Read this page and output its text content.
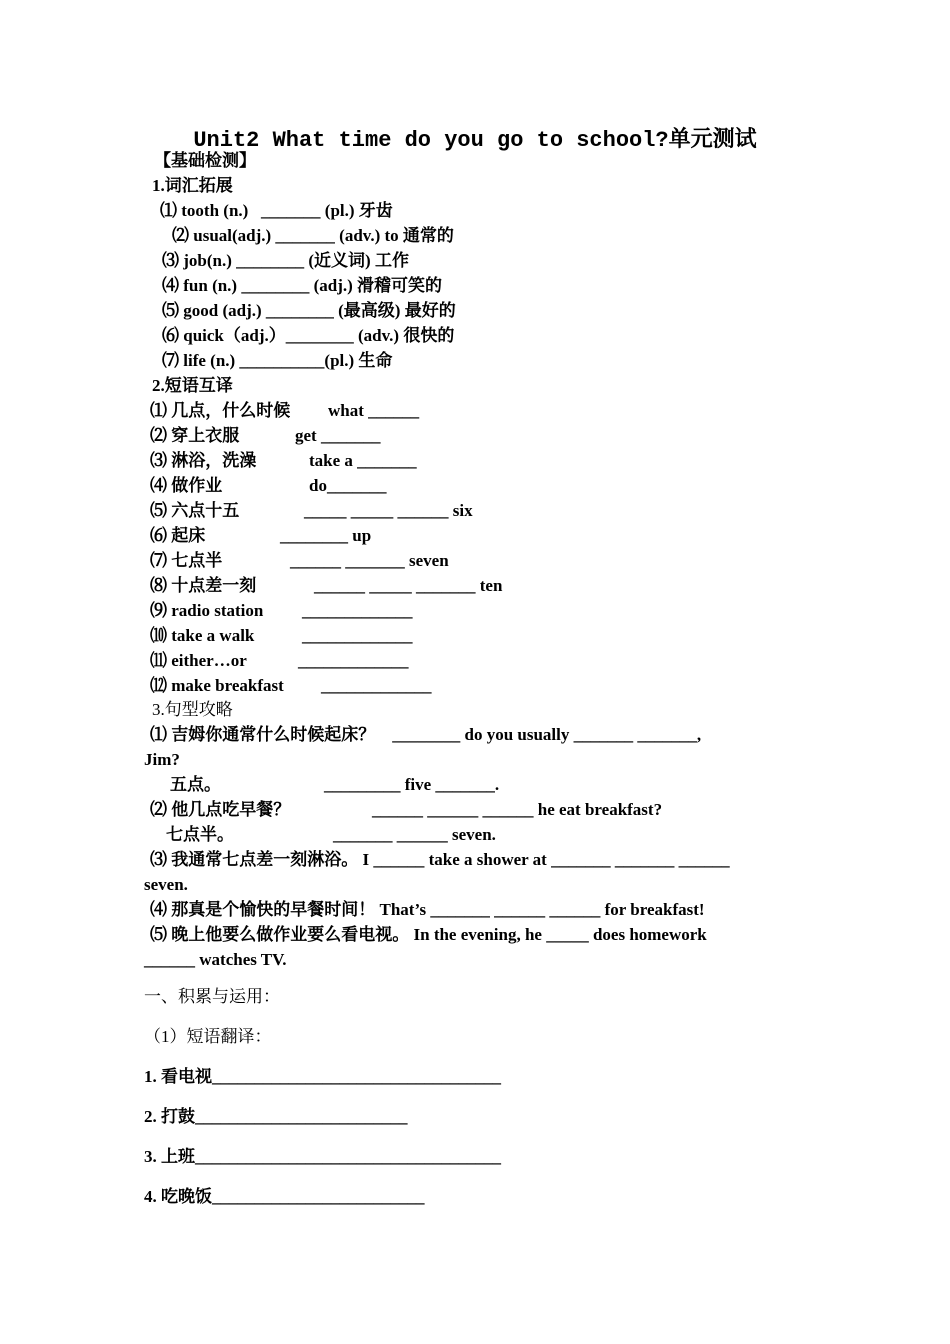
Unit2 What time do you go to school?单元测试
【基础检测】
1.词汇拓展
⑴ tooth (n.)   _______ (pl.) 牙齿
⑵ usual(adj.) _______ (adv.) to 通常的
⑶ job(n.) ________ (近义词) 工作
⑷ fun (n.) ________ (adj.) 滑稽可笑的
⑸ good (adj.) ________ (最高级) 最好的
⑹ quick（adj.）________ (adv.) 很快的
⑺ life (n.) __________(pl.) 生命
2.短语互译
⑴ 几点，什么时候 what ______
⑵ 穿上衣服	get _______
⑶ 淋浴，洗澡	take a _______
⑷ 做作业	do_______
⑸ 六点十五	_____ _____ ______ six
⑹ 起床	________ up
⑺ 七点半	______ _______ seven
⑻ 十点差一刻	______ _____ _______ ten
⑼ radio station _____________
⑽ take a walk	_____________
⑾ either…or	_____________
⑿ make breakfast _____________
3.句型攻略
⑴ 吉姆你通常什么时候起床？    ________ do you usually _______ _______,
Jim?
五点。	_________ five _______.
⑵ 他几点吃早餐？	______ ______ ______ he eat breakfast?
七点半。	_______ ______ seven.
⑶ 我通常七点差一刻淋浴。 I ______ take a shower at _______ _______ ______
seven.
⑷ 那真是个愉快的早餐时间！ That’s _______ ______ ______ for breakfast!
⑸ 晚上他要么做作业要么看电视。 In the evening, he _____ does homework
______ watches TV.
一、积累与运用：
（1）短语翻译：
1. 看电视__________________________________
2. 打鼓_________________________
3. 上班____________________________________
4. 吃晚饭_________________________
